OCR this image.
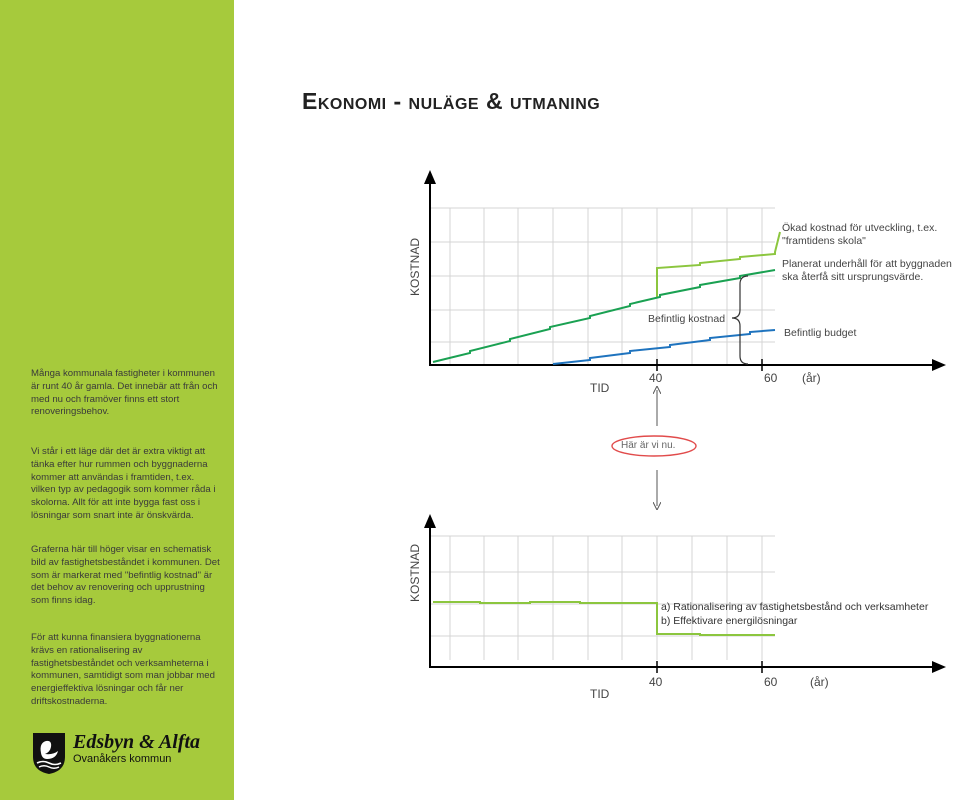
Många kommunala fastigheter i kommunen är runt 40 år gamla. Det innebär att från och med nu och framöver finns ett stort renoveringsbehov.

Vi står i ett läge där det är extra viktigt att tänka efter hur rummen och byggnaderna kommer att användas i framtiden, t.ex. vilken typ av pedagogik som kommer råda i skolorna. Allt för att inte bygga fast oss i lösningar som snart inte är önskvärda.

Graferna här till höger visar en schematisk bild av fastighetsbeståndet i kommunen. Det som är markerat med "befintlig kostnad" är det behov av renovering och upprustning som finns idag.

För att kunna finansiera byggnationerna krävs en rationalisering av fastighetsbeståndet och verksamheterna i kommunen, samtidigt som man jobbar med energieffektiva lösningar och får ner driftskostnaderna.

Edsbyn & Alfta
Ovanåkers kommun
Ekonomi - nuläge & utmaning
KOSTNAD
TID
40	60 (år)
Befintlig kostnad
Ökad kostnad för utveckling, t.ex. "framtidens skola"
Planerat underhåll för att byggnaden ska återfå sitt ursprungsvärde.
Befintlig budget
KOSTNAD
TID
40	60	(år)
a) Rationalisering av fastighetsbestånd och verksamheter
b) Effektivare energilösningar
Här är vi nu.
